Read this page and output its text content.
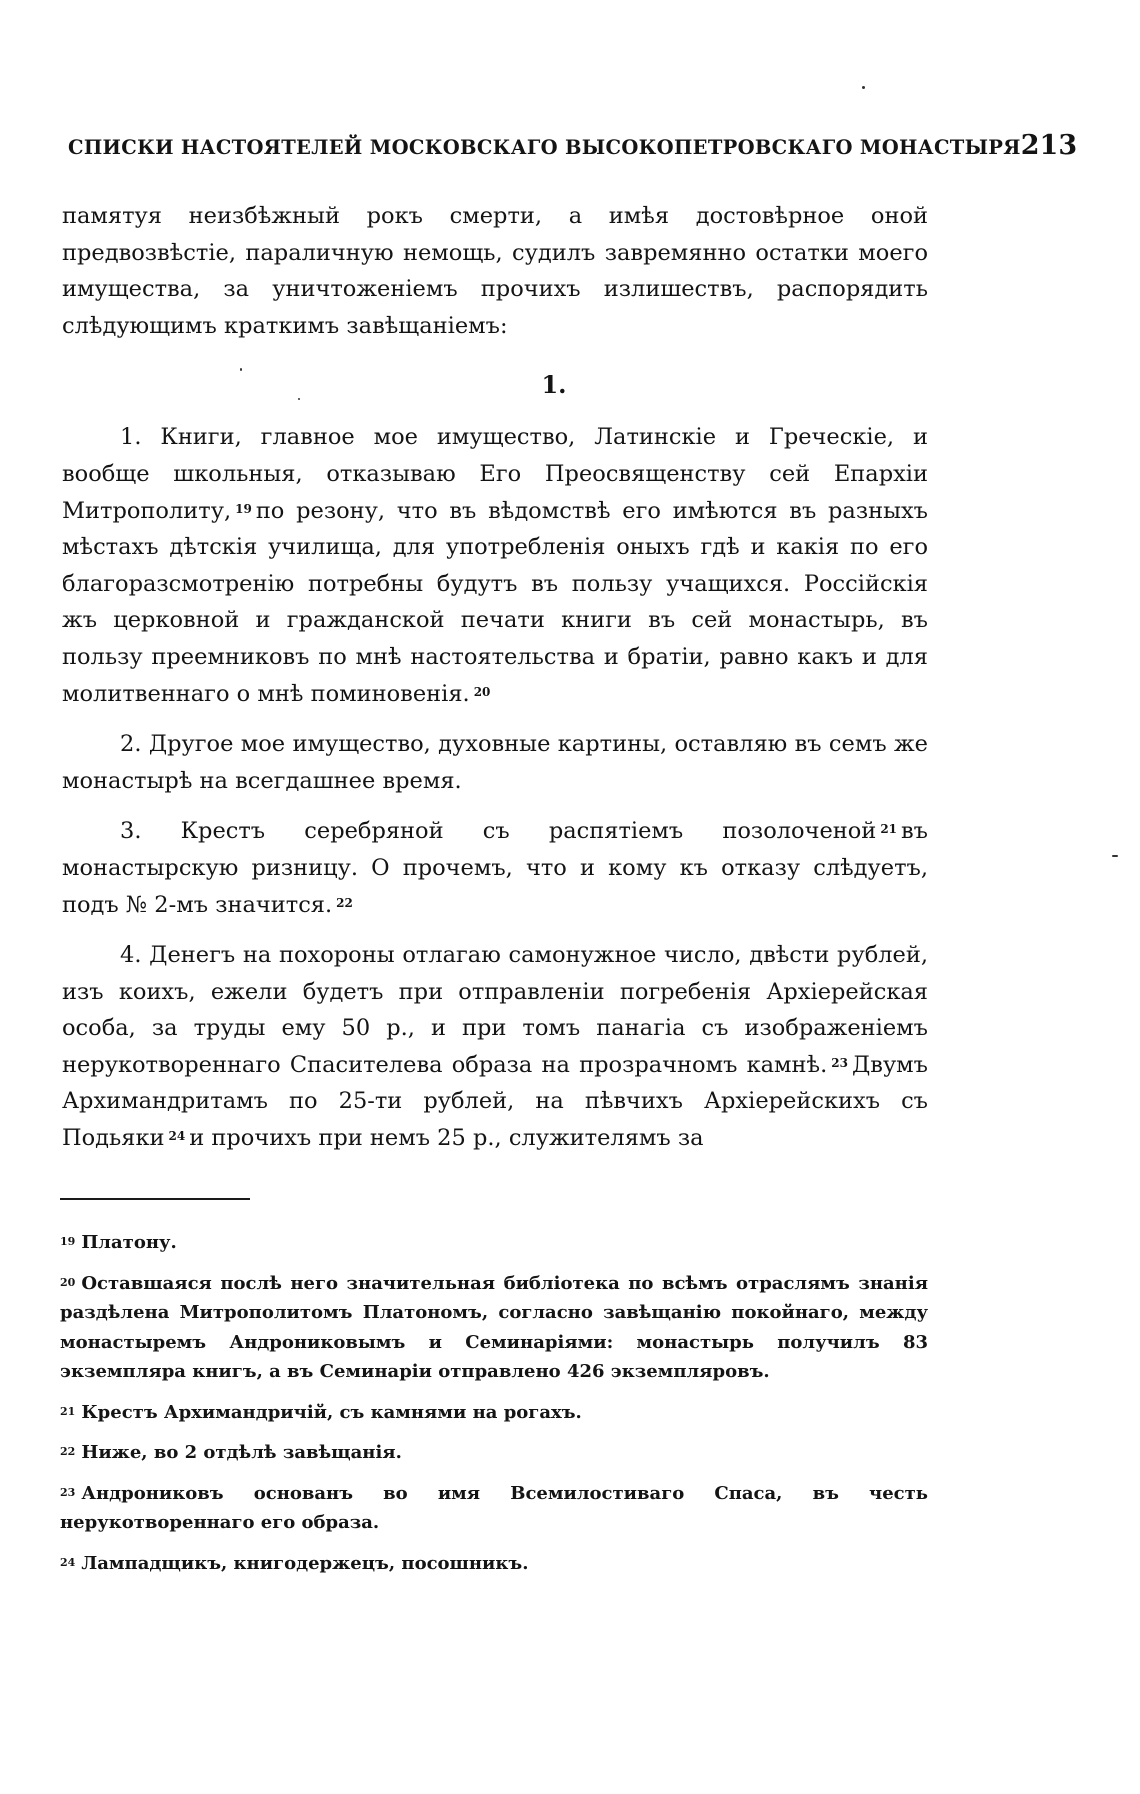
СПИСКИ НАСТОЯТЕЛЕЙ МОСКОВСКАГО ВЫСОКОПЕТРОВСКАГО МОНАСТЫРЯ 213

памятуя неизбѣжный рокъ смерти, а имѣя достовѣрное оной предвозвѣстіе, параличную немощь, судилъ завремянно остатки моего имущества, за уничтоженіемъ прочихъ излишествъ, распорядить слѣдующимъ краткимъ завѣщаніемъ:

1.

1. Книги, главное мое имущество, Латинскіе и Греческіе, и вообще школьныя, отказываю Его Преосвященству сей Епархіи Митрополиту, $^{19}$ по резону, что въ вѣдомствѣ его имѣются въ разныхъ мѣстахъ дѣтскія училища, для употребленія оныхъ гдѣ и какія по его благоразсмотренію потребны будутъ въ пользу учащихся. Россійскія жъ церковной и гражданской печати книги въ сей монастырь, въ пользу преемниковъ по мнѣ настоятельства и братіи, равно какъ и для молитвеннаго о мнѣ поминовенія. $^{20}$

2. Другое мое имущество, духовные картины, оставляю въ семъ же монастырѣ на всегдашнее время.

3. Крестъ серебряной съ распятіемъ позолоченой $^{21}$ въ монастырскую ризницу. О прочемъ, что и кому къ отказу слѣдуетъ, подъ № 2-мъ значится. $^{22}$

4. Денегъ на похороны отлагаю самонужное число, двѣсти рублей, изъ коихъ, ежели будетъ при отправленіи погребенія Архіерейская особа, за труды ему 50 р., и при томъ панагіа съ изображеніемъ нерукотвореннаго Спасителева образа на прозрачномъ камнѣ. $^{23}$ Двумъ Архимандритамъ по 25-ти рублей, на пѣвчихъ Архіерейскихъ съ Подьяки $^{24}$ и прочихъ при немъ 25 р., служителямъ за

$^{19}$ Платону.

$^{20}$ Оставшаяся послѣ него значительная библіотека по всѣмъ отраслямъ знанія раздѣлена Митрополитомъ Платономъ, согласно завѣщанію покойнаго, между монастыремъ Андрониковымъ и Семинаріями: монастырь получилъ 83 экземпляра книгъ, а въ Семинаріи отправлено 426 экземпляровъ.

$^{21}$ Крестъ Архимандричій, съ камнями на рогахъ.

$^{22}$ Ниже, во 2 отдѣлѣ завѣщанія.

$^{23}$ Андрониковъ основанъ во имя Всемилостиваго Спаса, въ честь нерукотвореннаго его образа.

$^{24}$ Лампадщикъ, книгодержецъ, посошникъ.
